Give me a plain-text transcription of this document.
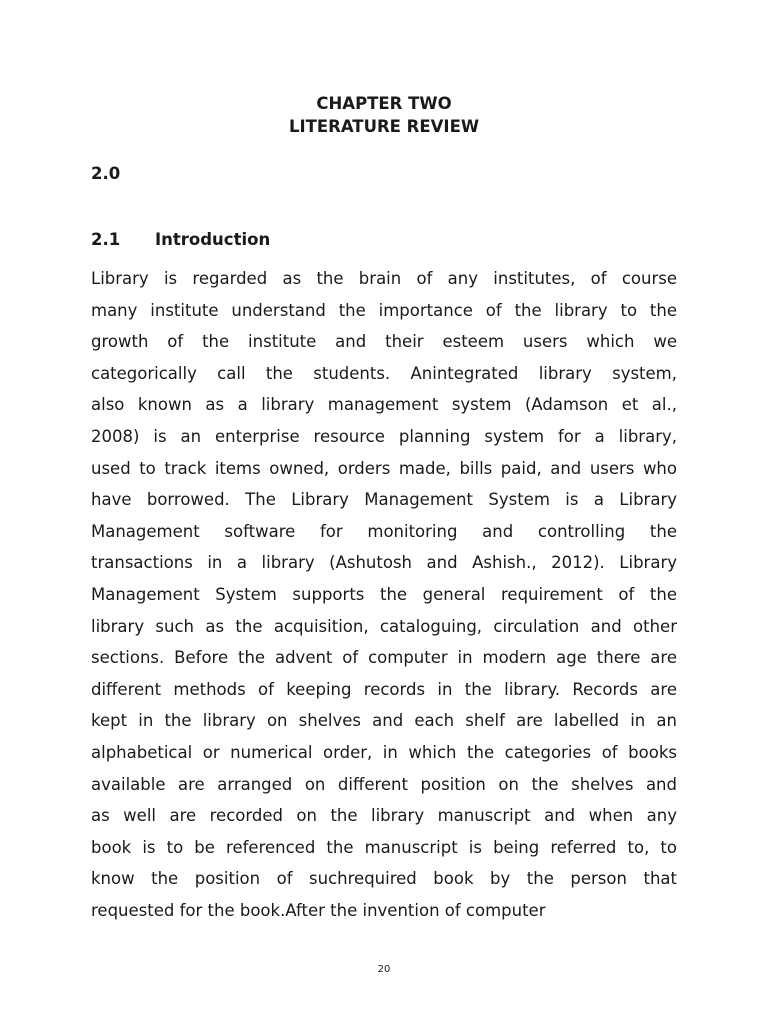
CHAPTER TWO
LITERATURE REVIEW
2.0
2.1 Introduction
Library is regarded as the brain of any institutes, of course
many institute understand the importance of the library to the
growth of the institute and their esteem users which we
categorically call the students. Anintegrated library system,
also known as a library management system (Adamson et al.,
2008) is an enterprise resource planning system for a library,
used to track items owned, orders made, bills paid, and users who
have borrowed. The Library Management System is a Library
Management software for monitoring and controlling the
transactions in a library (Ashutosh and Ashish., 2012). Library
Management System supports the general requirement of the
library such as the acquisition, cataloguing, circulation and other
sections. Before the advent of computer in modern age there are
different methods of keeping records in the library. Records are
kept in the library on shelves and each shelf are labelled in an
alphabetical or numerical order, in which the categories of books
available are arranged on different position on the shelves and
as well are recorded on the library manuscript and when any
book is to be referenced the manuscript is being referred to, to
know the position of suchrequired book by the person that
requested for the book.After the invention of computer
20
